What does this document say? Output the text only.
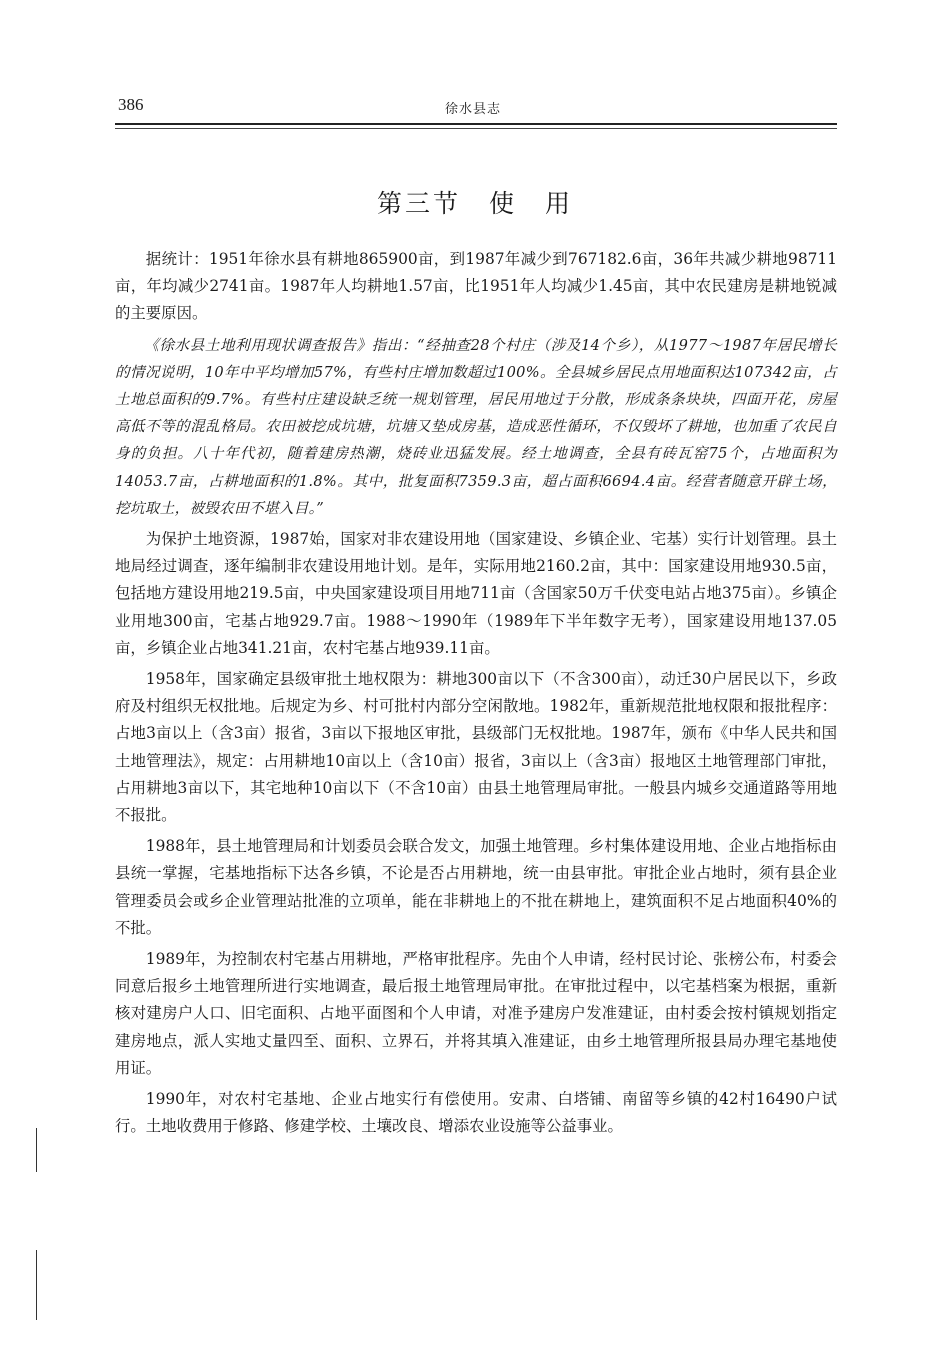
386	徐水县志
第三节　使　用

据统计：1951年徐水县有耕地865900亩，到1987年减少到767182.6亩，36年共减少耕地98711亩，年均减少2741亩。1987年人均耕地1.57亩，比1951年人均减少1.45亩，其中农民建房是耕地锐减的主要原因。

《徐水县土地利用现状调查报告》指出：“经抽查28个村庄（涉及14个乡），从1977～1987年居民增长的情况说明，10年中平均增加57%，有些村庄增加数超过100%。全县城乡居民点用地面积达107342亩，占土地总面积的9.7%。有些村庄建设缺乏统一规划管理，居民用地过于分散，形成条条块块，四面开花，房屋高低不等的混乱格局。农田被挖成坑塘，坑塘又垫成房基，造成恶性循环，不仅毁坏了耕地，也加重了农民自身的负担。八十年代初，随着建房热潮，烧砖业迅猛发展。经土地调查，全县有砖瓦窑75个，占地面积为14053.7亩，占耕地面积的1.8%。其中，批复面积7359.3亩，超占面积6694.4亩。经营者随意开辟土场，挖坑取土，被毁农田不堪入目。”

为保护土地资源，1987始，国家对非农建设用地（国家建设、乡镇企业、宅基）实行计划管理。县土地局经过调查，逐年编制非农建设用地计划。是年，实际用地2160.2亩，其中：国家建设用地930.5亩，包括地方建设用地219.5亩，中央国家建设项目用地711亩（含国家50万千伏变电站占地375亩）。乡镇企业用地300亩，宅基占地929.7亩。1988～1990年（1989年下半年数字无考），国家建设用地137.05亩，乡镇企业占地341.21亩，农村宅基占地939.11亩。

1958年，国家确定县级审批土地权限为：耕地300亩以下（不含300亩），动迁30户居民以下，乡政府及村组织无权批地。后规定为乡、村可批村内部分空闲散地。1982年，重新规范批地权限和报批程序：占地3亩以上（含3亩）报省，3亩以下报地区审批，县级部门无权批地。1987年，颁布《中华人民共和国土地管理法》，规定：占用耕地10亩以上（含10亩）报省，3亩以上（含3亩）报地区土地管理部门审批，占用耕地3亩以下，其宅地种10亩以下（不含10亩）由县土地管理局审批。一般县内城乡交通道路等用地不报批。

1988年，县土地管理局和计划委员会联合发文，加强土地管理。乡村集体建设用地、企业占地指标由县统一掌握，宅基地指标下达各乡镇，不论是否占用耕地，统一由县审批。审批企业占地时，须有县企业管理委员会或乡企业管理站批准的立项单，能在非耕地上的不批在耕地上，建筑面积不足占地面积40%的不批。

1989年，为控制农村宅基占用耕地，严格审批程序。先由个人申请，经村民讨论、张榜公布，村委会同意后报乡土地管理所进行实地调查，最后报土地管理局审批。在审批过程中，以宅基档案为根据，重新核对建房户人口、旧宅面积、占地平面图和个人申请，对准予建房户发准建证，由村委会按村镇规划指定建房地点，派人实地丈量四至、面积、立界石，并将其填入准建证，由乡土地管理所报县局办理宅基地使用证。

1990年，对农村宅基地、企业占地实行有偿使用。安肃、白塔铺、南留等乡镇的42村16490户试行。土地收费用于修路、修建学校、土壤改良、增添农业设施等公益事业。
